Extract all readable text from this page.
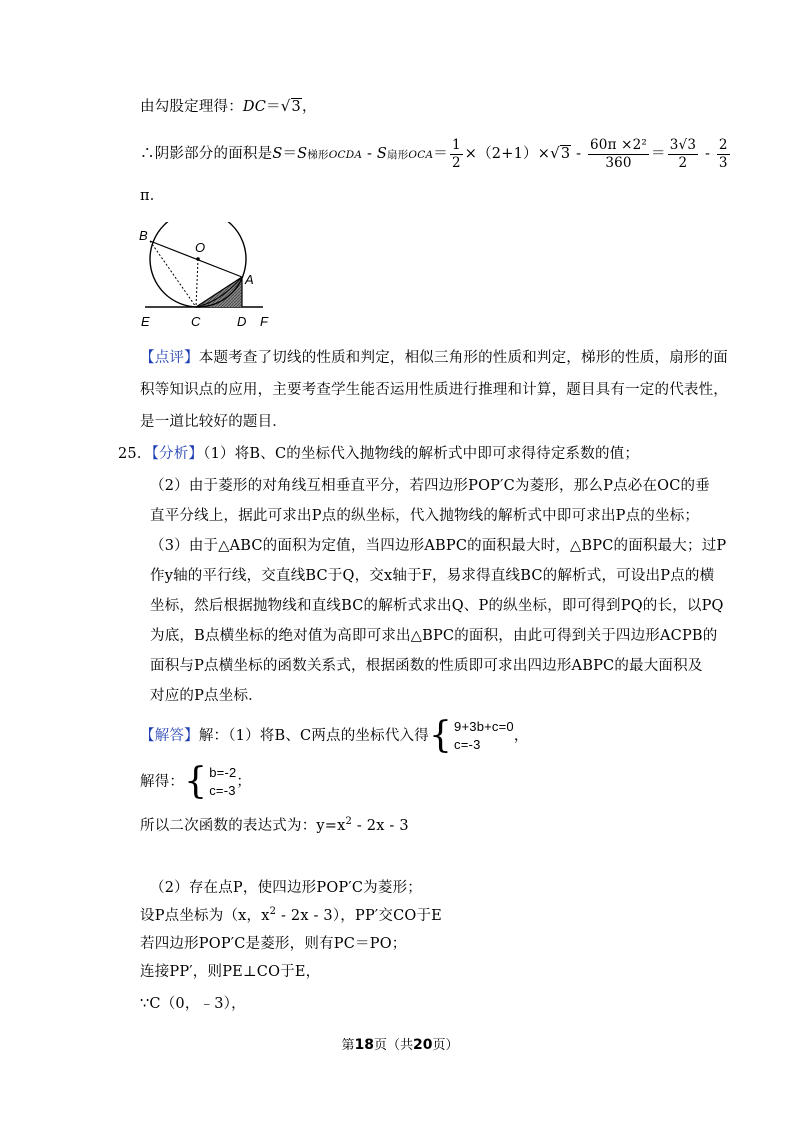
由勾股定理得：DC＝√3，
∴阴影部分的面积是S＝S梯形OCDA - S扇形$OCA= \frac{1}{2} \times(2+1)\times√3 - \frac{\text{60π ×2²}}{360} = \frac{3√3}{2} - \frac{2}{3}$
π．
B
O
A
E	C	D F
【点评】本题考查了切线的性质和判定，相似三角形的性质和判定，梯形的性质，扇形的面
积等知识点的应用，主要考查学生能否运用性质进行推理和计算，题目具有一定的代表性，
是一道比较好的题目．
25．【分析】（1）将B、C的坐标代入抛物线的解析式中即可求得待定系数的值；
（2）由于菱形的对角线互相垂直平分，若四边形POP′C为菱形，那么P点必在OC的垂
直平分线上，据此可求出P点的纵坐标，代入抛物线的解析式中即可求出P点的坐标；
（3）由于△ABC的面积为定值，当四边形ABPC的面积最大时，△BPC的面积最大；过P
作y轴的平行线，交直线BC于Q，交x轴于F，易求得直线BC的解析式，可设出P点的横
坐标，然后根据抛物线和直线BC的解析式求出Q、P的纵坐标，即可得到PQ的长，以PQ
为底，B点横坐标的绝对值为高即可求出△BPC的面积，由此可得到关于四边形ACPB的
面积与P点横坐标的函数关系式，根据函数的性质即可求出四边形ABPC的最大面积及
对应的P点坐标．
【解答】解：（1）将B、C两点的坐标代入得 { 9+3b+c=0
c=-3
，
解得： { b=-2
c=-3
；
所以二次函数的表达式为：$y=x^2 - 2x - 3$
（2）存在点P，使四边形POP′C为菱形；
设P点坐标为（x，$x^2 - 2x - 3$），PP′交CO于E
若四边形POP′C是菱形，则有PC＝PO；
连接PP′，则PE⊥CO于E，
∵C（0，﹣3），
第18页（共20页）
